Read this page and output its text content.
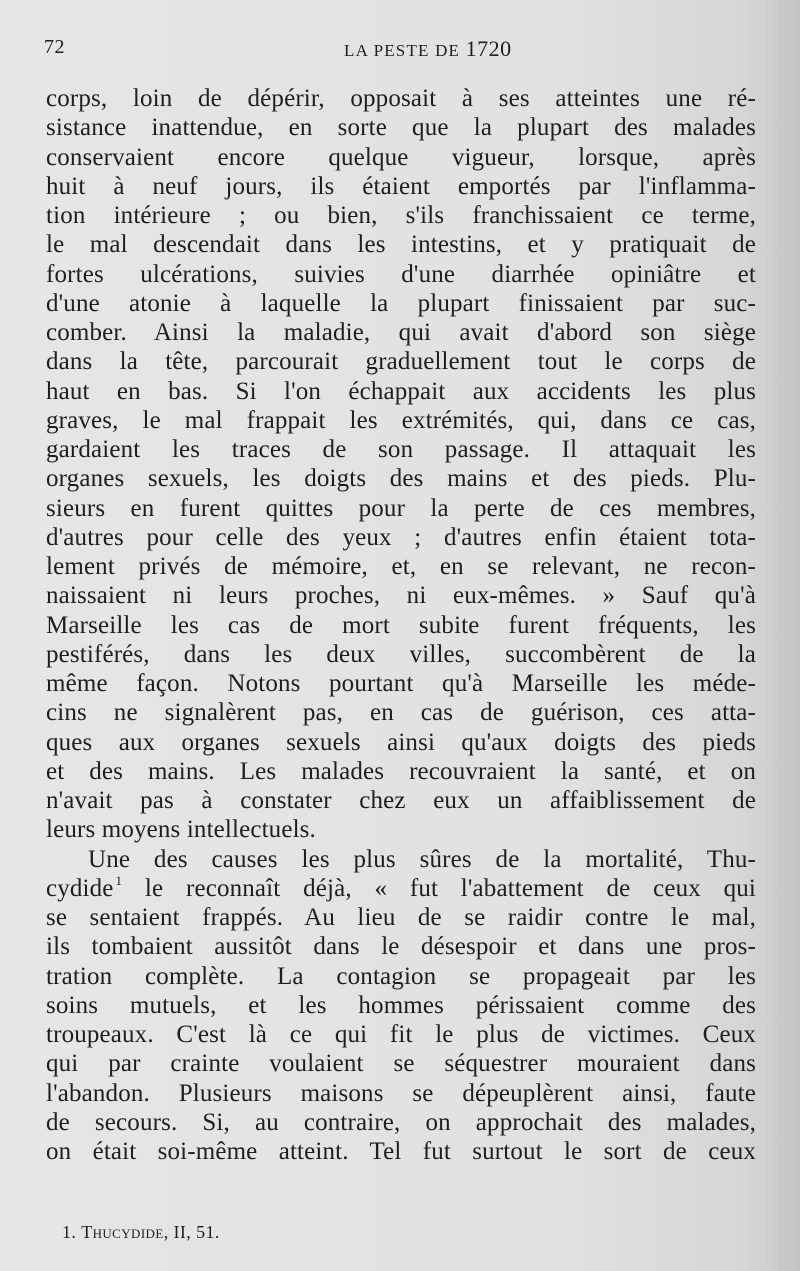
72	LA PESTE DE 1720
corps, loin de dépérir, opposait à ses atteintes une ré-
sistance inattendue, en sorte que la plupart des malades
conservaient encore quelque vigueur, lorsque, après
huit à neuf jours, ils étaient emportés par l'inflamma-
tion intérieure ; ou bien, s'ils franchissaient ce terme,
le mal descendait dans les intestins, et y pratiquait de
fortes ulcérations, suivies d'une diarrhée opiniâtre et
d'une atonie à laquelle la plupart finissaient par suc-
comber. Ainsi la maladie, qui avait d'abord son siège
dans la tête, parcourait graduellement tout le corps de
haut en bas. Si l'on échappait aux accidents les plus
graves, le mal frappait les extrémités, qui, dans ce cas,
gardaient les traces de son passage. Il attaquait les
organes sexuels, les doigts des mains et des pieds. Plu-
sieurs en furent quittes pour la perte de ces membres,
d'autres pour celle des yeux ; d'autres enfin étaient tota-
lement privés de mémoire, et, en se relevant, ne recon-
naissaient ni leurs proches, ni eux-mêmes. » Sauf qu'à
Marseille les cas de mort subite furent fréquents, les
pestiférés, dans les deux villes, succombèrent de la
même façon. Notons pourtant qu'à Marseille les méde-
cins ne signalèrent pas, en cas de guérison, ces atta-
ques aux organes sexuels ainsi qu'aux doigts des pieds
et des mains. Les malades recouvraient la santé, et on
n'avait pas à constater chez eux un affaiblissement de
leurs moyens intellectuels.
Une des causes les plus sûres de la mortalité, Thu-
cydide $^1$ le reconnaît déjà, « fut l'abattement de ceux qui
se sentaient frappés. Au lieu de se raidir contre le mal,
ils tombaient aussitôt dans le désespoir et dans une pros-
tration complète. La contagion se propageait par les
soins mutuels, et les hommes périssaient comme des
troupeaux. C'est là ce qui fit le plus de victimes. Ceux
qui par crainte voulaient se séquestrer mouraient dans
l'abandon. Plusieurs maisons se dépeuplèrent ainsi, faute
de secours. Si, au contraire, on approchait des malades,
on était soi-même atteint. Tel fut surtout le sort de ceux
1. Thucydide, II, 51.
